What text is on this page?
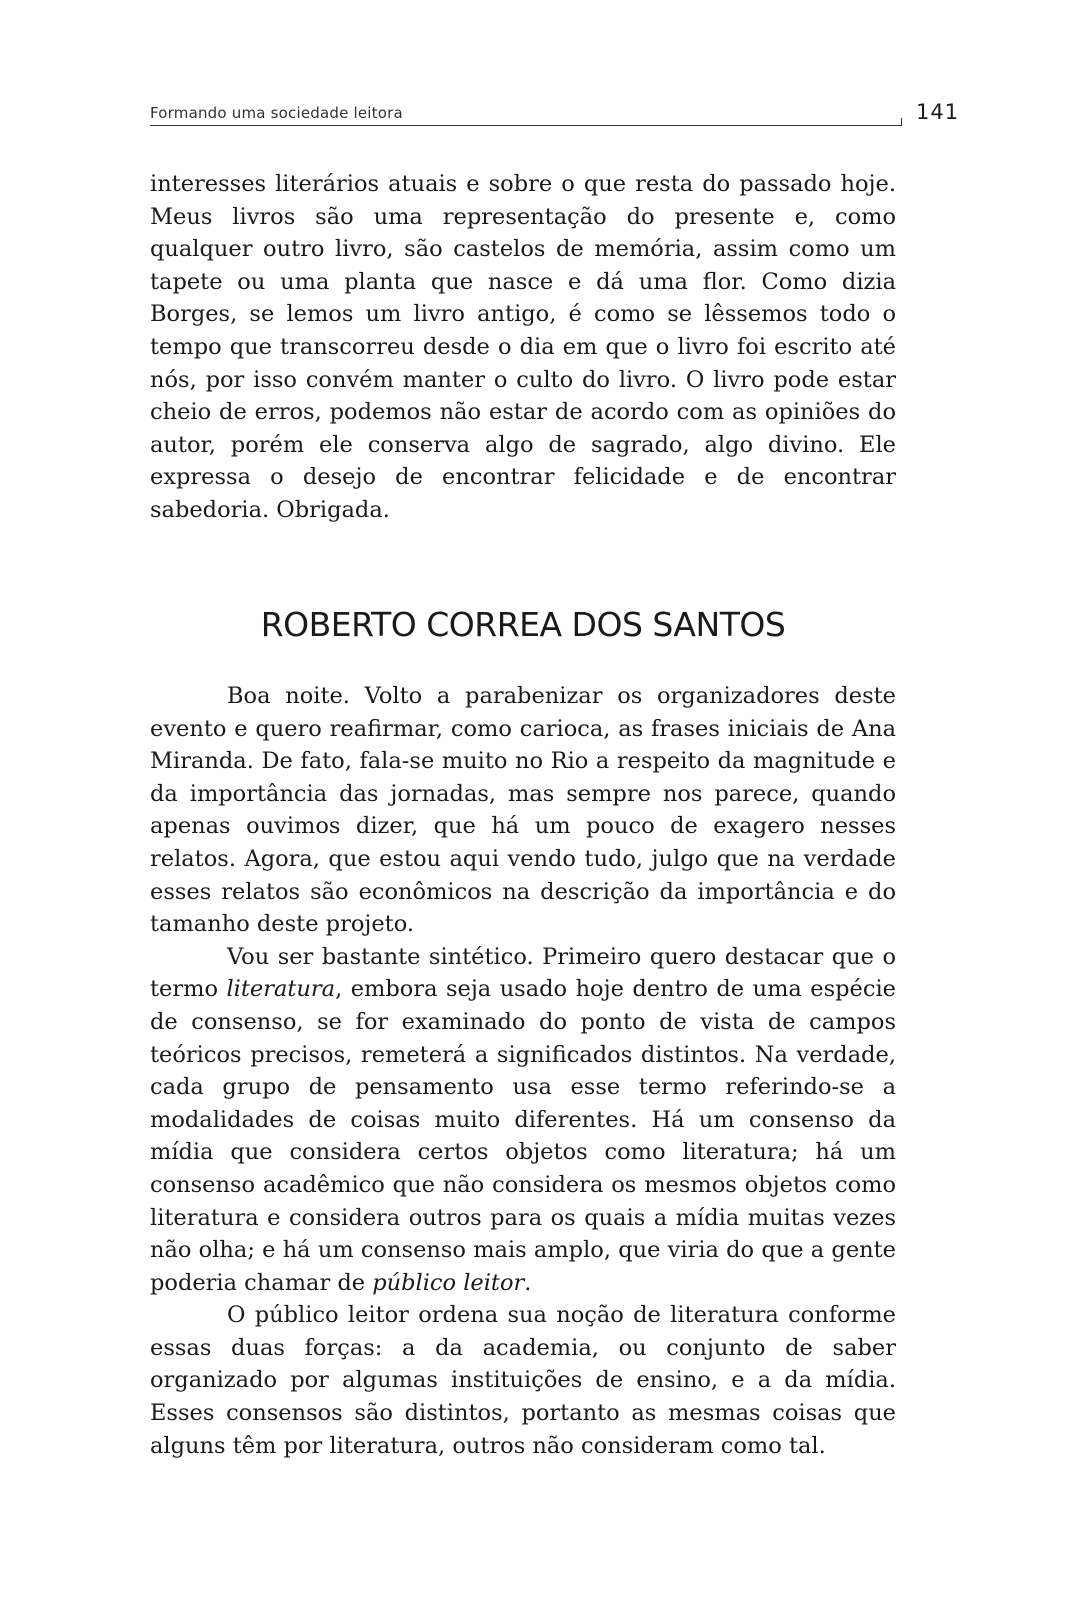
Formando uma sociedade leitora	141

interesses literários atuais e sobre o que resta do passado hoje. Meus livros são uma representação do presente e, como qualquer outro livro, são castelos de memória, assim como um tapete ou uma planta que nasce e dá uma flor. Como dizia Borges, se lemos um livro antigo, é como se lêssemos todo o tempo que transcorreu desde o dia em que o livro foi escrito até nós, por isso convém manter o culto do livro. O livro pode estar cheio de erros, podemos não estar de acordo com as opiniões do autor, porém ele conserva algo de sagrado, algo divino. Ele expressa o desejo de encontrar felicidade e de encontrar sabedoria. Obrigada.

ROBERTO CORREA DOS SANTOS

Boa noite. Volto a parabenizar os organizadores deste evento e quero reafirmar, como carioca, as frases iniciais de Ana Miranda. De fato, fala-se muito no Rio a respeito da magnitude e da importância das jornadas, mas sempre nos parece, quando apenas ouvimos dizer, que há um pouco de exagero nesses relatos. Agora, que estou aqui vendo tudo, julgo que na verdade esses relatos são econômicos na descrição da importância e do tamanho deste projeto.

Vou ser bastante sintético. Primeiro quero destacar que o termo literatura, embora seja usado hoje dentro de uma espécie de consenso, se for examinado do ponto de vista de campos teóricos precisos, remeterá a significados distintos. Na verdade, cada grupo de pensamento usa esse termo referindo-se a modalidades de coisas muito diferentes. Há um consenso da mídia que considera certos objetos como literatura; há um consenso acadêmico que não considera os mesmos objetos como literatura e considera outros para os quais a mídia muitas vezes não olha; e há um consenso mais amplo, que viria do que a gente poderia chamar de público leitor.

O público leitor ordena sua noção de literatura conforme essas duas forças: a da academia, ou conjunto de saber organizado por algumas instituições de ensino, e a da mídia. Esses consensos são distintos, portanto as mesmas coisas que alguns têm por literatura, outros não consideram como tal.
